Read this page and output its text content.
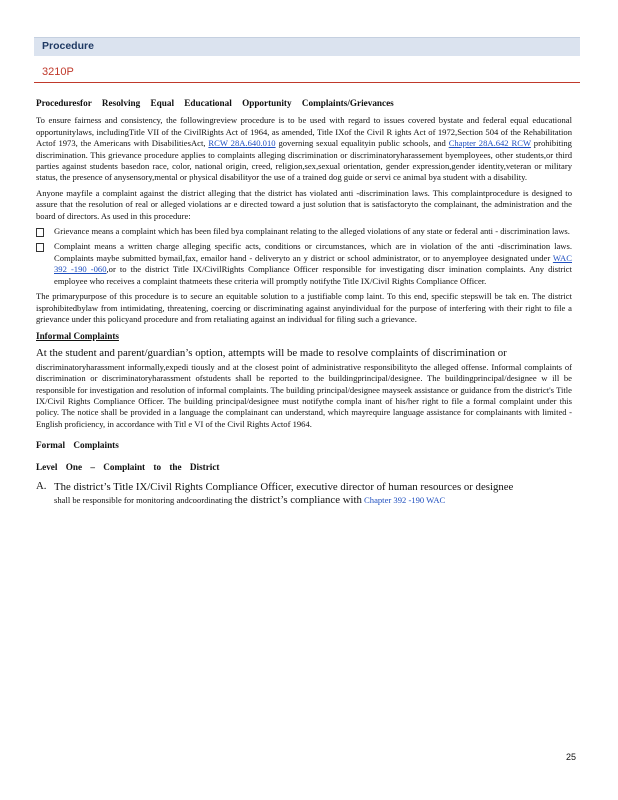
Procedure
3210P
Proceduresfor Resolving Equal Educational Opportunity Complaints/Grievances

To ensure fairness and consistency, the followingreview procedure is to be used with regard to issues covered bystate and federal equal educational opportunitylaws, includingTitle VII of the CivilRights Act of 1964, as amended, Title IXof the Civil R ights Act of 1972,Section 504 of the Rehabilitation Actof 1973, the Americans with DisabilitiesAct, RCW 28A.640.010 governing sexual equalityin public schools, and Chapter 28A.642 RCW prohibiting discrimination. This grievance procedure applies to complaints alleging discrimination or discriminatoryharassement byemployees, other students,or third parties against students basedon race, color, national origin, creed, religion,sex,sexual orientation, gender expression,gender identity,veteran or military status, the presence of anysensory,mental or physical disabilityor the use of a trained dog guide or servi ce animal bya student with a disability.

Anyone mayfile a complaint against the district alleging that the district has violated anti -discrimination laws. This complaintprocedure is designed to assure that the resolution of real or alleged violations ar e directed toward a just solution that is satisfactoryto the complainant, the administration and the board of directors. As used in this procedure:

Grievance means a complaint which has been filed bya complainant relating to the alleged violations of any state or federal anti - discrimination laws.
Complaint means a written charge alleging specific acts, conditions or circumstances, which are in violation of the anti -discrimination laws. Complaints maybe submitted bymail,fax, emailor hand - deliveryto an y district or school administrator, or to anyemployee designated under WAC 392 -190 -060,or to the district Title IX/CivilRights Compliance Officer responsible for investigating discr imination complaints. Any district employee who receives a complaint thatmeets these criteria will promptly notifythe Title IX/Civil Rights Compliance Officer.

The primarypurpose of this procedure is to secure an equitable solution to a justifiable comp laint. To this end, specific stepswill be tak en. The district isprohibitedbylaw from intimidating, threatening, coercing or discriminating against anyindividual for the purpose of interfering with their right to file a grievance under this policyand procedure and from retaliating against an individual for filing such a grievance.

Informal Complaints
At the student and parent/guardian’s option, attempts will be made to resolve complaints of discrimination or

discriminatoryharassment informally,expedi tiously and at the closest point of administrative responsibilityto the alleged offense. Informal complaints of discrimination or discriminatoryharassment ofstudents shall be reported to the buildingprincipal/designee. The buildingprincipal/designee w ill be responsible for investigation and resolution of informal complaints. The building principal/designee mayseek assistance or guidance from the district's Title IX/Civil Rights Compliance Officer. The building principal/designee must notifythe compla inant of his/her right to file a formal complaint under this policy. The notice shall be provided in a language the complainant can understand, which mayrequire language assistance for complainants with limited -English proficiency, in accordance with Titl e VI of the Civil Rights Actof 1964.

Formal Complaints
Level One – Complaint to the District
A. The district’s Title IX/Civil Rights Compliance Officer, executive director of human resources or designee
shall be responsible for monitoring andcoordinating the district’s compliance with Chapter 392 -190 WAC
25
